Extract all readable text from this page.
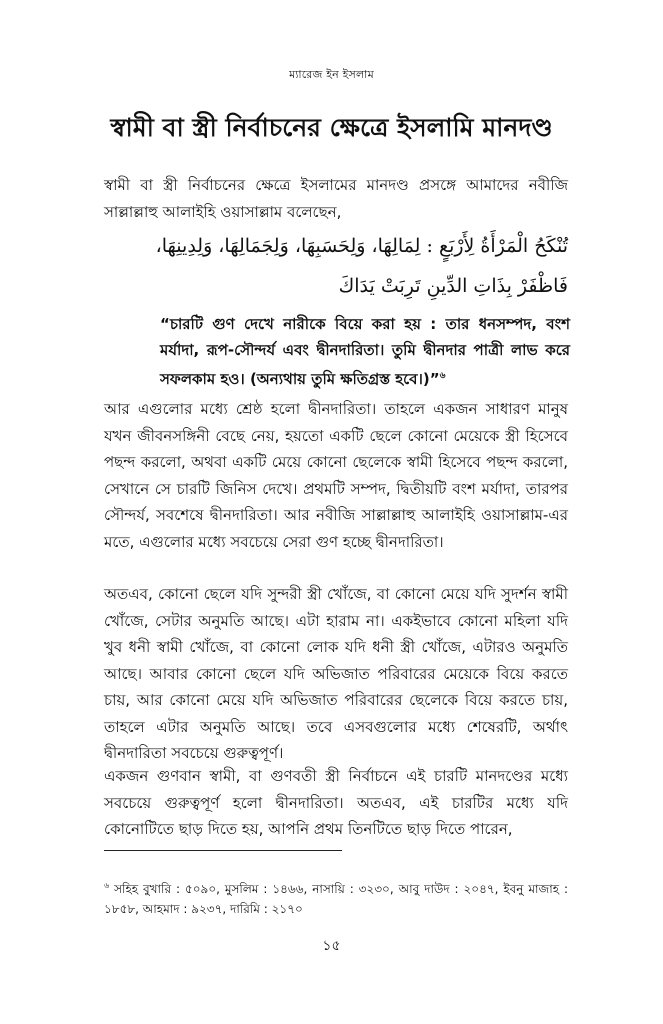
ম্যারেজ ইন ইসলাম
স্বামী বা স্ত্রী নির্বাচনের ক্ষেত্রে ইসলামি মানদণ্ড

স্বামী বা স্ত্রী নির্বাচনের ক্ষেত্রে ইসলামের মানদণ্ড প্রসঙ্গে আমাদের নবীজি সাল্লাল্লাহু আলাইহি ওয়াসাল্লাম বলেছেন,

تُنْكَحُ الْمَرْأَةُ لِأَرْبَعٍ : لِمَالِهَا، وَلِحَسَبِهَا، وَلِجَمَالِهَا، وَلِدِينِهَا، فَاظْفَرْ بِذَاتِ الدِّينِ تَرِبَتْ يَدَاكَ

“চারটি গুণ দেখে নারীকে বিয়ে করা হয় : তার ধনসম্পদ, বংশ মর্যাদা, রূপ-সৌন্দর্য এবং দ্বীনদারিতা। তুমি দ্বীনদার পাত্রী লাভ করে সফলকাম হও। (অন্যথায় তুমি ক্ষতিগ্রস্ত হবে।)”$^৬$

আর এগুলোর মধ্যে শ্রেষ্ঠ হলো দ্বীনদারিতা। তাহলে একজন সাধারণ মানুষ যখন জীবনসঙ্গিনী বেছে নেয়, হয়তো একটি ছেলে কোনো মেয়েকে স্ত্রী হিসেবে পছন্দ করলো, অথবা একটি মেয়ে কোনো ছেলেকে স্বামী হিসেবে পছন্দ করলো, সেখানে সে চারটি জিনিস দেখে। প্রথমটি সম্পদ, দ্বিতীয়টি বংশ মর্যাদা, তারপর সৌন্দর্য, সবশেষে দ্বীনদারিতা। আর নবীজি সাল্লাল্লাহু আলাইহি ওয়াসাল্লাম-এর মতে, এগুলোর মধ্যে সবচেয়ে সেরা গুণ হচ্ছে দ্বীনদারিতা।

অতএব, কোনো ছেলে যদি সুন্দরী স্ত্রী খোঁজে, বা কোনো মেয়ে যদি সুদর্শন স্বামী খোঁজে, সেটার অনুমতি আছে। এটা হারাম না। একইভাবে কোনো মহিলা যদি খুব ধনী স্বামী খোঁজে, বা কোনো লোক যদি ধনী স্ত্রী খোঁজে, এটারও অনুমতি আছে। আবার কোনো ছেলে যদি অভিজাত পরিবারের মেয়েকে বিয়ে করতে চায়, আর কোনো মেয়ে যদি অভিজাত পরিবারের ছেলেকে বিয়ে করতে চায়, তাহলে এটার অনুমতি আছে। তবে এসবগুলোর মধ্যে শেষেরটি, অর্থাৎ দ্বীনদারিতা সবচেয়ে গুরুত্বপূর্ণ।

একজন গুণবান স্বামী, বা গুণবতী স্ত্রী নির্বাচনে এই চারটি মানদণ্ডের মধ্যে সবচেয়ে গুরুত্বপূর্ণ হলো দ্বীনদারিতা। অতএব, এই চারটির মধ্যে যদি কোনোটিতে ছাড় দিতে হয়, আপনি প্রথম তিনটিতে ছাড় দিতে পারেন,

$^৬$ সহিহ বুখারি : ৫০৯০, মুসলিম : ১৪৬৬, নাসায়ি : ৩২৩০, আবু দাউদ : ২০৪৭, ইবনু মাজাহ : ১৮৫৮, আহমাদ : ৯২৩৭, দারিমি : ২১৭০

১৫
